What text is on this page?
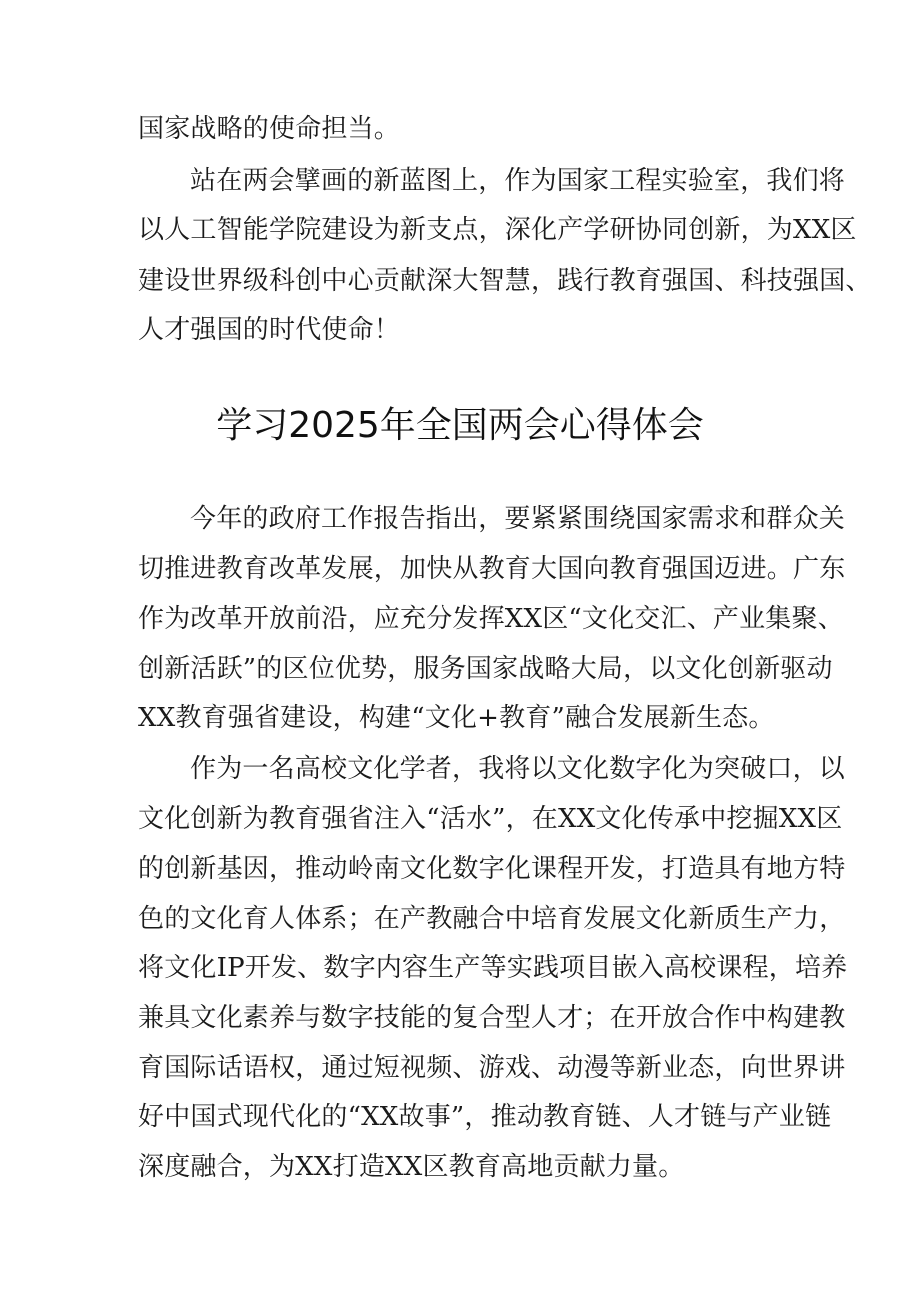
国家战略的使命担当。
站在两会擘画的新蓝图上，作为国家工程实验室，我们将
以人工智能学院建设为新支点，深化产学研协同创新，为XX区
建设世界级科创中心贡献深大智慧，践行教育强国、科技强国、
人才强国的时代使命！
学习2025年全国两会心得体会
今年的政府工作报告指出，要紧紧围绕国家需求和群众关
切推进教育改革发展，加快从教育大国向教育强国迈进。广东
作为改革开放前沿，应充分发挥XX区“文化交汇、产业集聚、
创新活跃”的区位优势，服务国家战略大局，以文化创新驱动
XX教育强省建设，构建“文化+教育”融合发展新生态。
作为一名高校文化学者，我将以文化数字化为突破口，以
文化创新为教育强省注入“活水”，在XX文化传承中挖掘XX区
的创新基因，推动岭南文化数字化课程开发，打造具有地方特
色的文化育人体系；在产教融合中培育发展文化新质生产力，
将文化IP开发、数字内容生产等实践项目嵌入高校课程，培养
兼具文化素养与数字技能的复合型人才；在开放合作中构建教
育国际话语权，通过短视频、游戏、动漫等新业态，向世界讲
好中国式现代化的“XX故事”，推动教育链、人才链与产业链
深度融合，为XX打造XX区教育高地贡献力量。
